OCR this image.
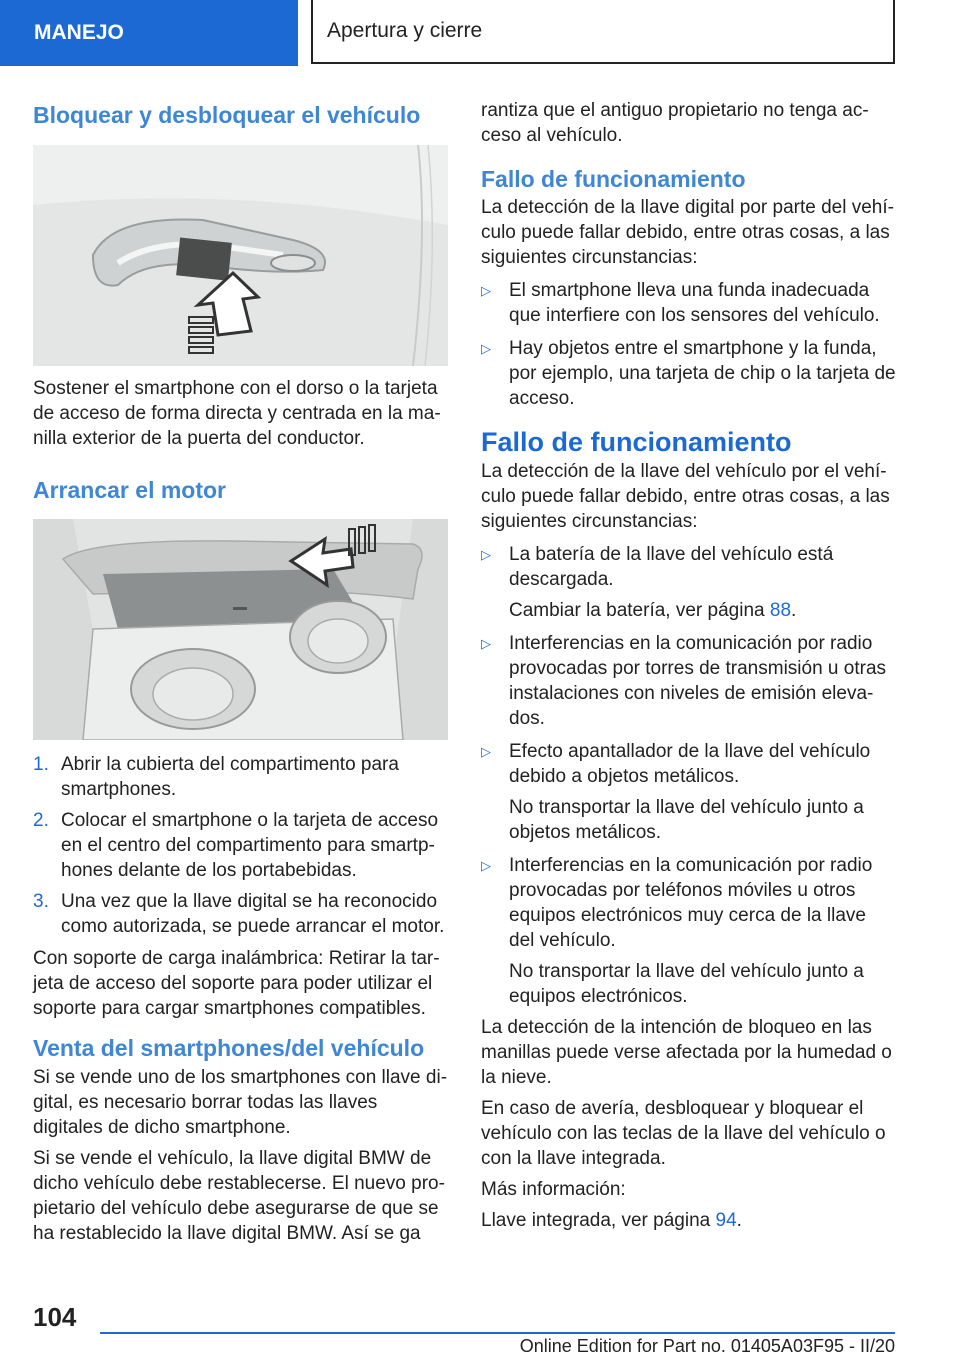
MANEJO	Apertura y cierre
Bloquear y desbloquear el vehículo

Sostener el smartphone con el dorso o la tarjeta de acceso de forma directa y centrada en la manilla exterior de la puerta del conductor.

Arrancar el motor
1. Abrir la cubierta del compartimento para smartphones.
2. Colocar el smartphone o la tarjeta de acceso en el centro del compartimento para smartphones delante de los portabebidas.
3. Una vez que la llave digital se ha reconocido como autorizada, se puede arrancar el motor.

Con soporte de carga inalámbrica: Retirar la tarjeta de acceso del soporte para poder utilizar el soporte para cargar smartphones compatibles.

Venta del smartphones/del vehículo

Si se vende uno de los smartphones con llave digital, es necesario borrar todas las llaves digitales de dicho smartphone.

Si se vende el vehículo, la llave digital BMW de dicho vehículo debe restablecerse. El nuevo propietario del vehículo debe asegurarse de que se ha restablecido la llave digital BMW. Así se ga

rantiza que el antiguo propietario no tenga acceso al vehículo.

Fallo de funcionamiento

La detección de la llave digital por parte del vehículo puede fallar debido, entre otras cosas, a las siguientes circunstancias:

▷ El smartphone lleva una funda inadecuada que interfiere con los sensores del vehículo.
▷ Hay objetos entre el smartphone y la funda, por ejemplo, una tarjeta de chip o la tarjeta de acceso.
Fallo de funcionamiento

La detección de la llave del vehículo por el vehículo puede fallar debido, entre otras cosas, a las siguientes circunstancias:

▷ La batería de la llave del vehículo está descargada.
Cambiar la batería, ver página 88.
▷ Interferencias en la comunicación por radio provocadas por torres de transmisión u otras instalaciones con niveles de emisión elevados.
▷ Efecto apantallador de la llave del vehículo debido a objetos metálicos.
No transportar la llave del vehículo junto a objetos metálicos.
▷ Interferencias en la comunicación por radio provocadas por teléfonos móviles u otros equipos electrónicos muy cerca de la llave del vehículo.
No transportar la llave del vehículo junto a equipos electrónicos.

La detección de la intención de bloqueo en las manillas puede verse afectada por la humedad o la nieve.

En caso de avería, desbloquear y bloquear el vehículo con las teclas de la llave del vehículo o con la llave integrada.

Más información:

Llave integrada, ver página 94.

104
Online Edition for Part no. 01405A03F95 - II/20
